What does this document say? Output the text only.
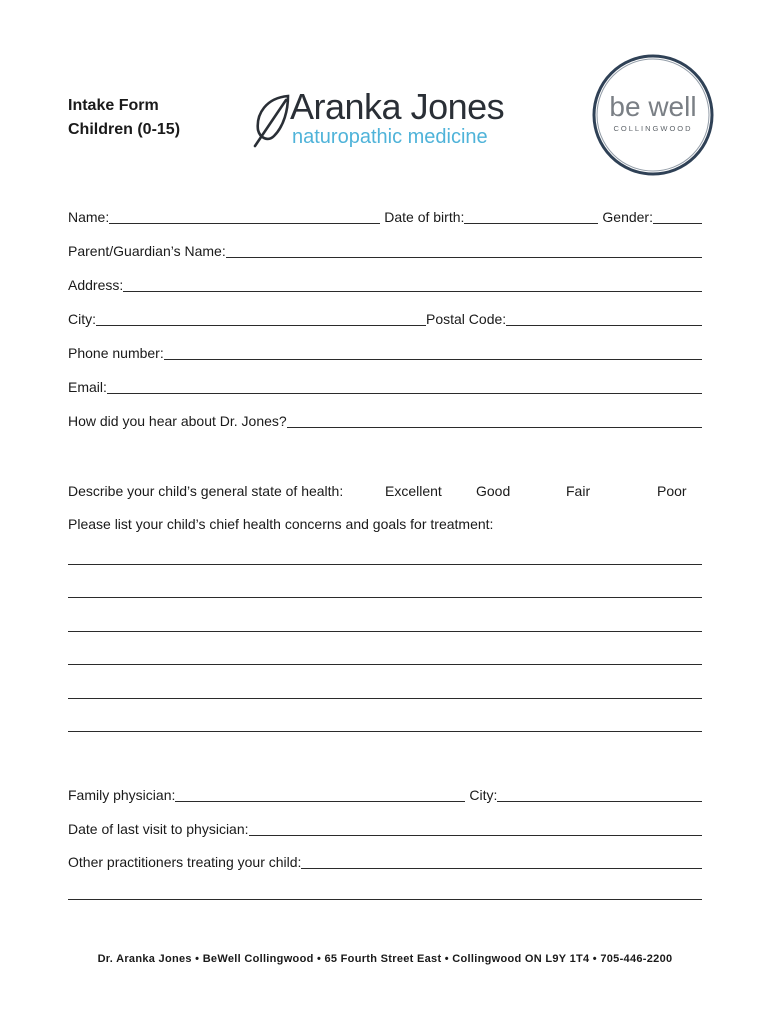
Intake Form
Children (0-15)
Aranka Jones
naturopathic medicine
be well
COLLINGWOOD
Name:	Date of birth:	Gender:
Parent/Guardian’s Name:
Address:
City:	Postal Code:
Phone number:
Email:
How did you hear about Dr. Jones?
Describe your child’s general state of health:	Excellent Good	Fair	Poor
Please list your child’s chief health concerns and goals for treatment:
Family physician:	City:
Date of last visit to physician:
Other practitioners treating your child:
Dr. Aranka Jones • BeWell Collingwood • 65 Fourth Street East • Collingwood ON L9Y 1T4 • 705-446-2200
